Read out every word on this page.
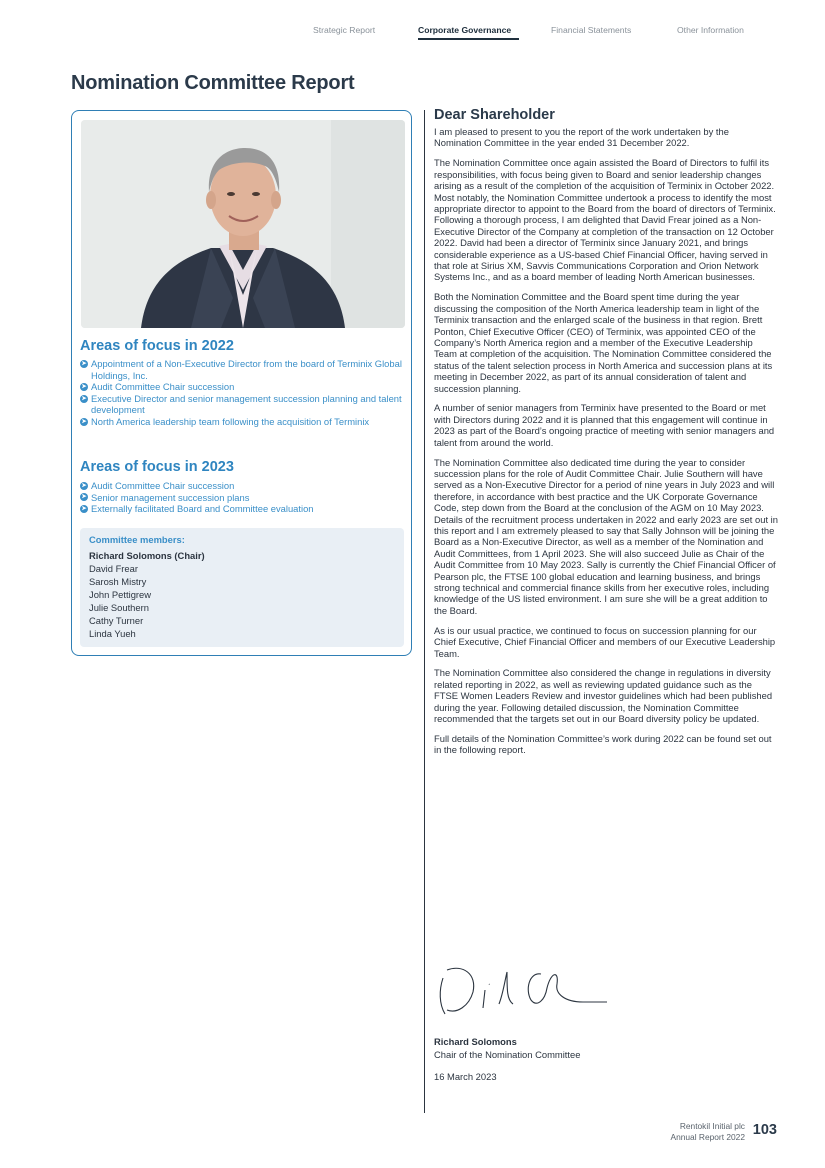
Strategic Report	Corporate Governance	Financial Statements	Other Information
Nomination Committee Report
Areas of focus in 2022
➤ Appointment of a Non-Executive Director from the board of Terminix Global Holdings, Inc.
➤ Audit Committee Chair succession
➤ Executive Director and senior management succession planning and talent development
➤ North America leadership team following the acquisition of Terminix
Areas of focus in 2023
➤ Audit Committee Chair succession
➤ Senior management succession plans
➤ Externally facilitated Board and Committee evaluation
Committee members:
Richard Solomons (Chair)
David Frear
Sarosh Mistry
John Pettigrew
Julie Southern
Cathy Turner
Linda Yueh
Dear Shareholder

I am pleased to present to you the report of the work undertaken by the Nomination Committee in the year ended 31 December 2022.

The Nomination Committee once again assisted the Board of Directors to fulfil its responsibilities, with focus being given to Board and senior leadership changes arising as a result of the completion of the acquisition of Terminix in October 2022. Most notably, the Nomination Committee undertook a process to identify the most appropriate director to appoint to the Board from the board of directors of Terminix. Following a thorough process, I am delighted that David Frear joined as a Non-Executive Director of the Company at completion of the transaction on 12 October 2022. David had been a director of Terminix since January 2021, and brings considerable experience as a US-based Chief Financial Officer, having served in that role at Sirius XM, Savvis Communications Corporation and Orion Network Systems Inc., and as a board member of leading North American businesses.

Both the Nomination Committee and the Board spent time during the year discussing the composition of the North America leadership team in light of the Terminix transaction and the enlarged scale of the business in that region. Brett Ponton, Chief Executive Officer (CEO) of Terminix, was appointed CEO of the Company’s North America region and a member of the Executive Leadership Team at completion of the acquisition. The Nomination Committee considered the status of the talent selection process in North America and succession plans at its meeting in December 2022, as part of its annual consideration of talent and succession planning.

A number of senior managers from Terminix have presented to the Board or met with Directors during 2022 and it is planned that this engagement will continue in 2023 as part of the Board’s ongoing practice of meeting with senior managers and talent from around the world.

The Nomination Committee also dedicated time during the year to consider succession plans for the role of Audit Committee Chair. Julie Southern will have served as a Non-Executive Director for a period of nine years in July 2023 and will therefore, in accordance with best practice and the UK Corporate Governance Code, step down from the Board at the conclusion of the AGM on 10 May 2023. Details of the recruitment process undertaken in 2022 and early 2023 are set out in this report and I am extremely pleased to say that Sally Johnson will be joining the Board as a Non-Executive Director, as well as a member of the Nomination and Audit Committees, from 1 April 2023. She will also succeed Julie as Chair of the Audit Committee from 10 May 2023. Sally is currently the Chief Financial Officer of Pearson plc, the FTSE 100 global education and learning business, and brings strong technical and commercial finance skills from her executive roles, including knowledge of the US listed environment. I am sure she will be a great addition to the Board.

As is our usual practice, we continued to focus on succession planning for our Chief Executive, Chief Financial Officer and members of our Executive Leadership Team.

The Nomination Committee also considered the change in regulations in diversity related reporting in 2022, as well as reviewing updated guidance such as the FTSE Women Leaders Review and investor guidelines which had been published during the year. Following detailed discussion, the Nomination Committee recommended that the targets set out in our Board diversity policy be updated.

Full details of the Nomination Committee’s work during 2022 can be found set out in the following report.

Richard Solomons
Chair of the Nomination Committee
16 March 2023
Rentokil Initial plc
Annual Report 2022 103
